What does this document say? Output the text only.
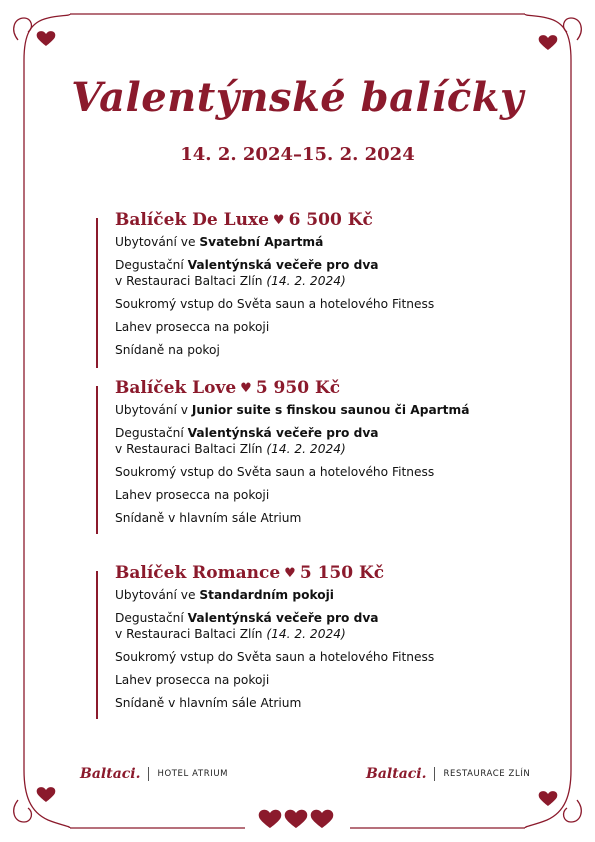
Valentýnské balíčky
14. 2. 2024–15. 2. 2024
Balíček De Luxe ♥ 6 500 Kč
Ubytování ve Svatební Apartmá
Degustační Valentýnská večeře pro dva
v Restauraci Baltaci Zlín (14. 2. 2024)
Soukromý vstup do Světa saun a hotelového Fitness
Lahev prosecca na pokoji
Snídaně na pokoj
Balíček Love ♥ 5 950 Kč
Ubytování v Junior suite s finskou saunou či Apartmá
Degustační Valentýnská večeře pro dva
v Restauraci Baltaci Zlín (14. 2. 2024)
Soukromý vstup do Světa saun a hotelového Fitness
Lahev prosecca na pokoji
Snídaně v hlavním sále Atrium
Balíček Romance ♥ 5 150 Kč
Ubytování ve Standardním pokoji
Degustační Valentýnská večeře pro dva
v Restauraci Baltaci Zlín (14. 2. 2024)
Soukromý vstup do Světa saun a hotelového Fitness
Lahev prosecca na pokoji
Snídaně v hlavním sále Atrium
Baltaci. HOTEL ATRIUM	Baltaci. RESTAURACE ZLÍN
